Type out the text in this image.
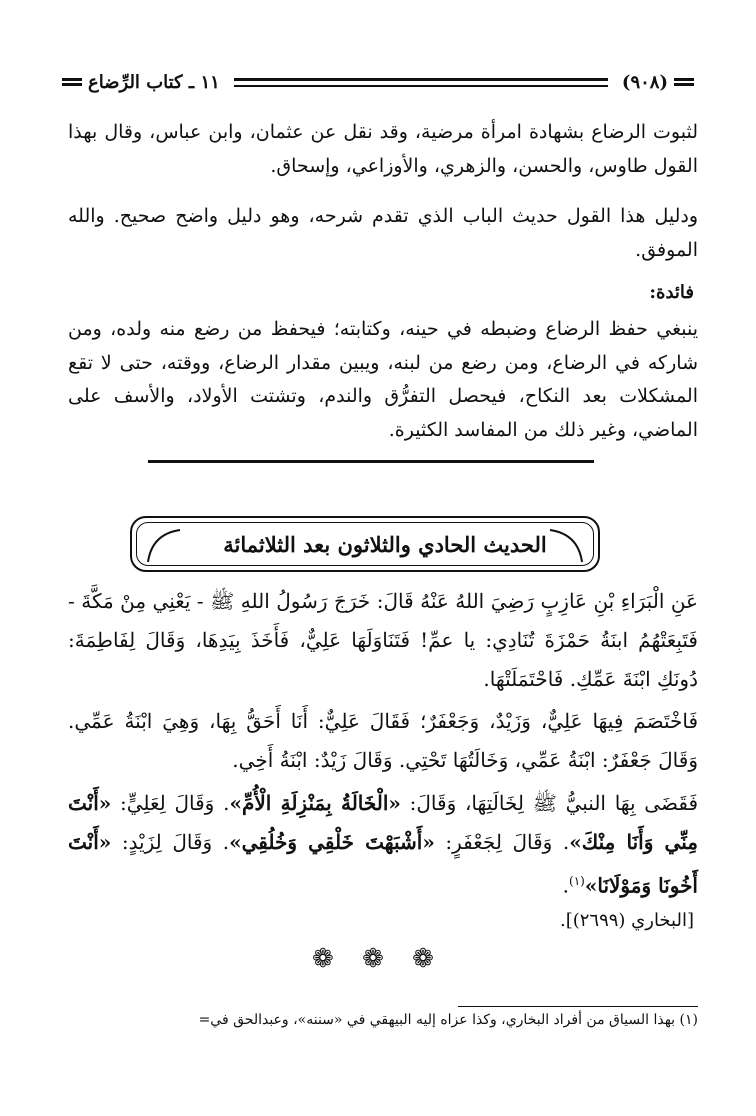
(٩٠٨)
١١ ـ كتاب الرِّضاع

لثبوت الرضاع بشهادة امرأة مرضية، وقد نقل عن عثمان، وابن عباس، وقال بهذا القول طاوس، والحسن، والزهري، والأوزاعي، وإسحاق.

ودليل هذا القول حديث الباب الذي تقدم شرحه، وهو دليل واضح صحيح. والله الموفق.

فائدة:

ينبغي حفظ الرضاع وضبطه في حينه، وكتابته؛ فيحفظ من رضع منه ولده، ومن شاركه في الرضاع، ومن رضع من لبنه، ويبين مقدار الرضاع، ووقته، حتى لا تقع المشكلات بعد النكاح، فيحصل التفرُّق والندم، وتشتت الأولاد، والأسف على الماضي، وغير ذلك من المفاسد الكثيرة.

الحديث الحادي والثلاثون بعد الثلاثمائة

عَنِ الْبَرَاءِ بْنِ عَازِبٍ رَضِيَ اللهُ عَنْهُ قَالَ: خَرَجَ رَسُولُ اللهِ ﷺ - يَعْنِي مِنْ مَكَّةَ - فَتَبِعَتْهُمُ ابنَةُ حَمْزَةَ تُنَادِي: يا عمِّ! فَتَنَاوَلَهَا عَلِيٌّ، فَأَخَذَ بِيَدِهَا، وَقَالَ لِفَاطِمَةَ: دُونَكِ ابْنَةَ عَمِّكِ. فَاحْتَمَلَتْهَا.

فَاخْتَصَمَ فِيهَا عَلِيٌّ، وَزَيْدٌ، وَجَعْفَرٌ؛ فَقَالَ عَلِيٌّ: أَنَا أَحَقُّ بِهَا، وَهِيَ ابْنَةُ عَمِّي. وَقَالَ جَعْفَرٌ: ابْنَةُ عَمِّي، وَخَالَتُهَا تَحْتِي. وَقَالَ زَيْدٌ: ابْنَةُ أَخِي.

فَقَضَى بِهَا النبيُّ ﷺ لِخَالَتِهَا، وَقَالَ: «الْخَالَةُ بِمَنْزِلَةِ الْأُمِّ». وَقَالَ لِعَلِيٍّ: «أَنْتَ مِنِّي وَأَنَا مِنْكَ». وَقَالَ لِجَعْفَرٍ: «أَشْبَهْتَ خَلْقِي وَخُلُقِي». وَقَالَ لِزَيْدٍ: «أَنْتَ أَخُونَا وَمَوْلَانَا»$^{(١)}$.

[البخاري (٢٦٩٩)].
❁ ❁ ❁
(١) بهذا السياق من أفراد البخاري، وكذا عزاه إليه البيهقي في «سننه»، وعبدالحق في=
